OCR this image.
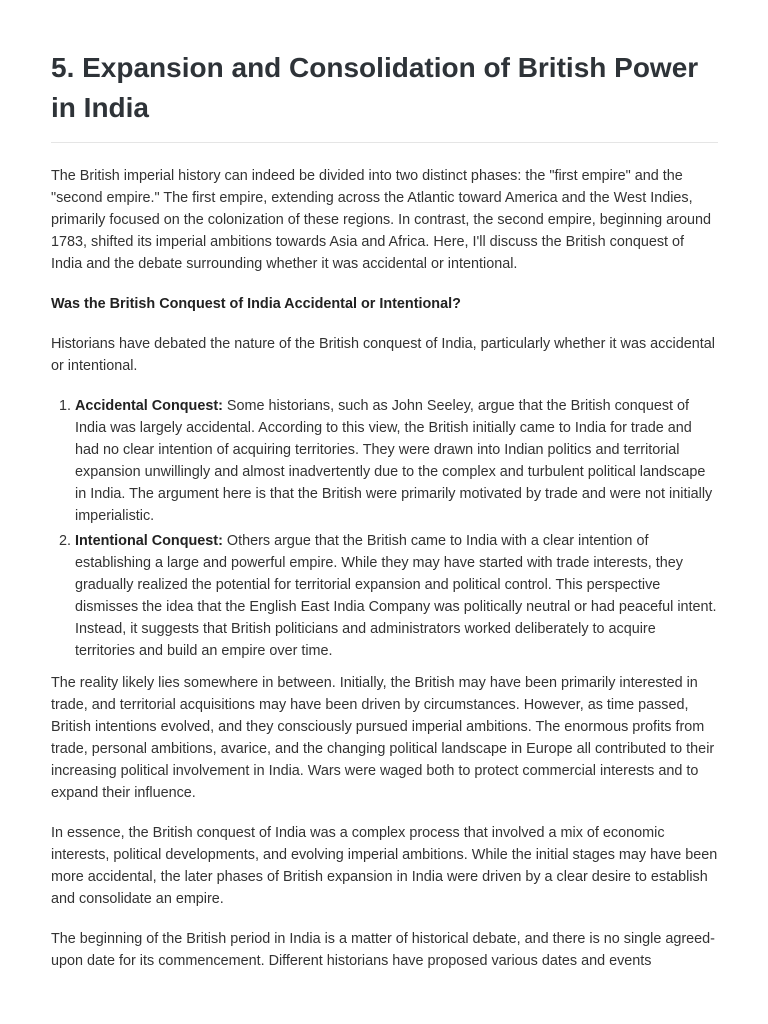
5. Expansion and Consolidation of British Power in India

The British imperial history can indeed be divided into two distinct phases: the "first empire" and the "second empire." The first empire, extending across the Atlantic toward America and the West Indies, primarily focused on the colonization of these regions. In contrast, the second empire, beginning around 1783, shifted its imperial ambitions towards Asia and Africa. Here, I'll discuss the British conquest of India and the debate surrounding whether it was accidental or intentional.

Was the British Conquest of India Accidental or Intentional?

Historians have debated the nature of the British conquest of India, particularly whether it was accidental or intentional.

1. Accidental Conquest: Some historians, such as John Seeley, argue that the British conquest of India was largely accidental. According to this view, the British initially came to India for trade and had no clear intention of acquiring territories. They were drawn into Indian politics and territorial expansion unwillingly and almost inadvertently due to the complex and turbulent political landscape in India. The argument here is that the British were primarily motivated by trade and were not initially imperialistic.
2. Intentional Conquest: Others argue that the British came to India with a clear intention of establishing a large and powerful empire. While they may have started with trade interests, they gradually realized the potential for territorial expansion and political control. This perspective dismisses the idea that the English East India Company was politically neutral or had peaceful intent. Instead, it suggests that British politicians and administrators worked deliberately to acquire territories and build an empire over time.

The reality likely lies somewhere in between. Initially, the British may have been primarily interested in trade, and territorial acquisitions may have been driven by circumstances. However, as time passed, British intentions evolved, and they consciously pursued imperial ambitions. The enormous profits from trade, personal ambitions, avarice, and the changing political landscape in Europe all contributed to their increasing political involvement in India. Wars were waged both to protect commercial interests and to expand their influence.

In essence, the British conquest of India was a complex process that involved a mix of economic interests, political developments, and evolving imperial ambitions. While the initial stages may have been more accidental, the later phases of British expansion in India were driven by a clear desire to establish and consolidate an empire.

The beginning of the British period in India is a matter of historical debate, and there is no single agreed-upon date for its commencement. Different historians have proposed various dates and events
